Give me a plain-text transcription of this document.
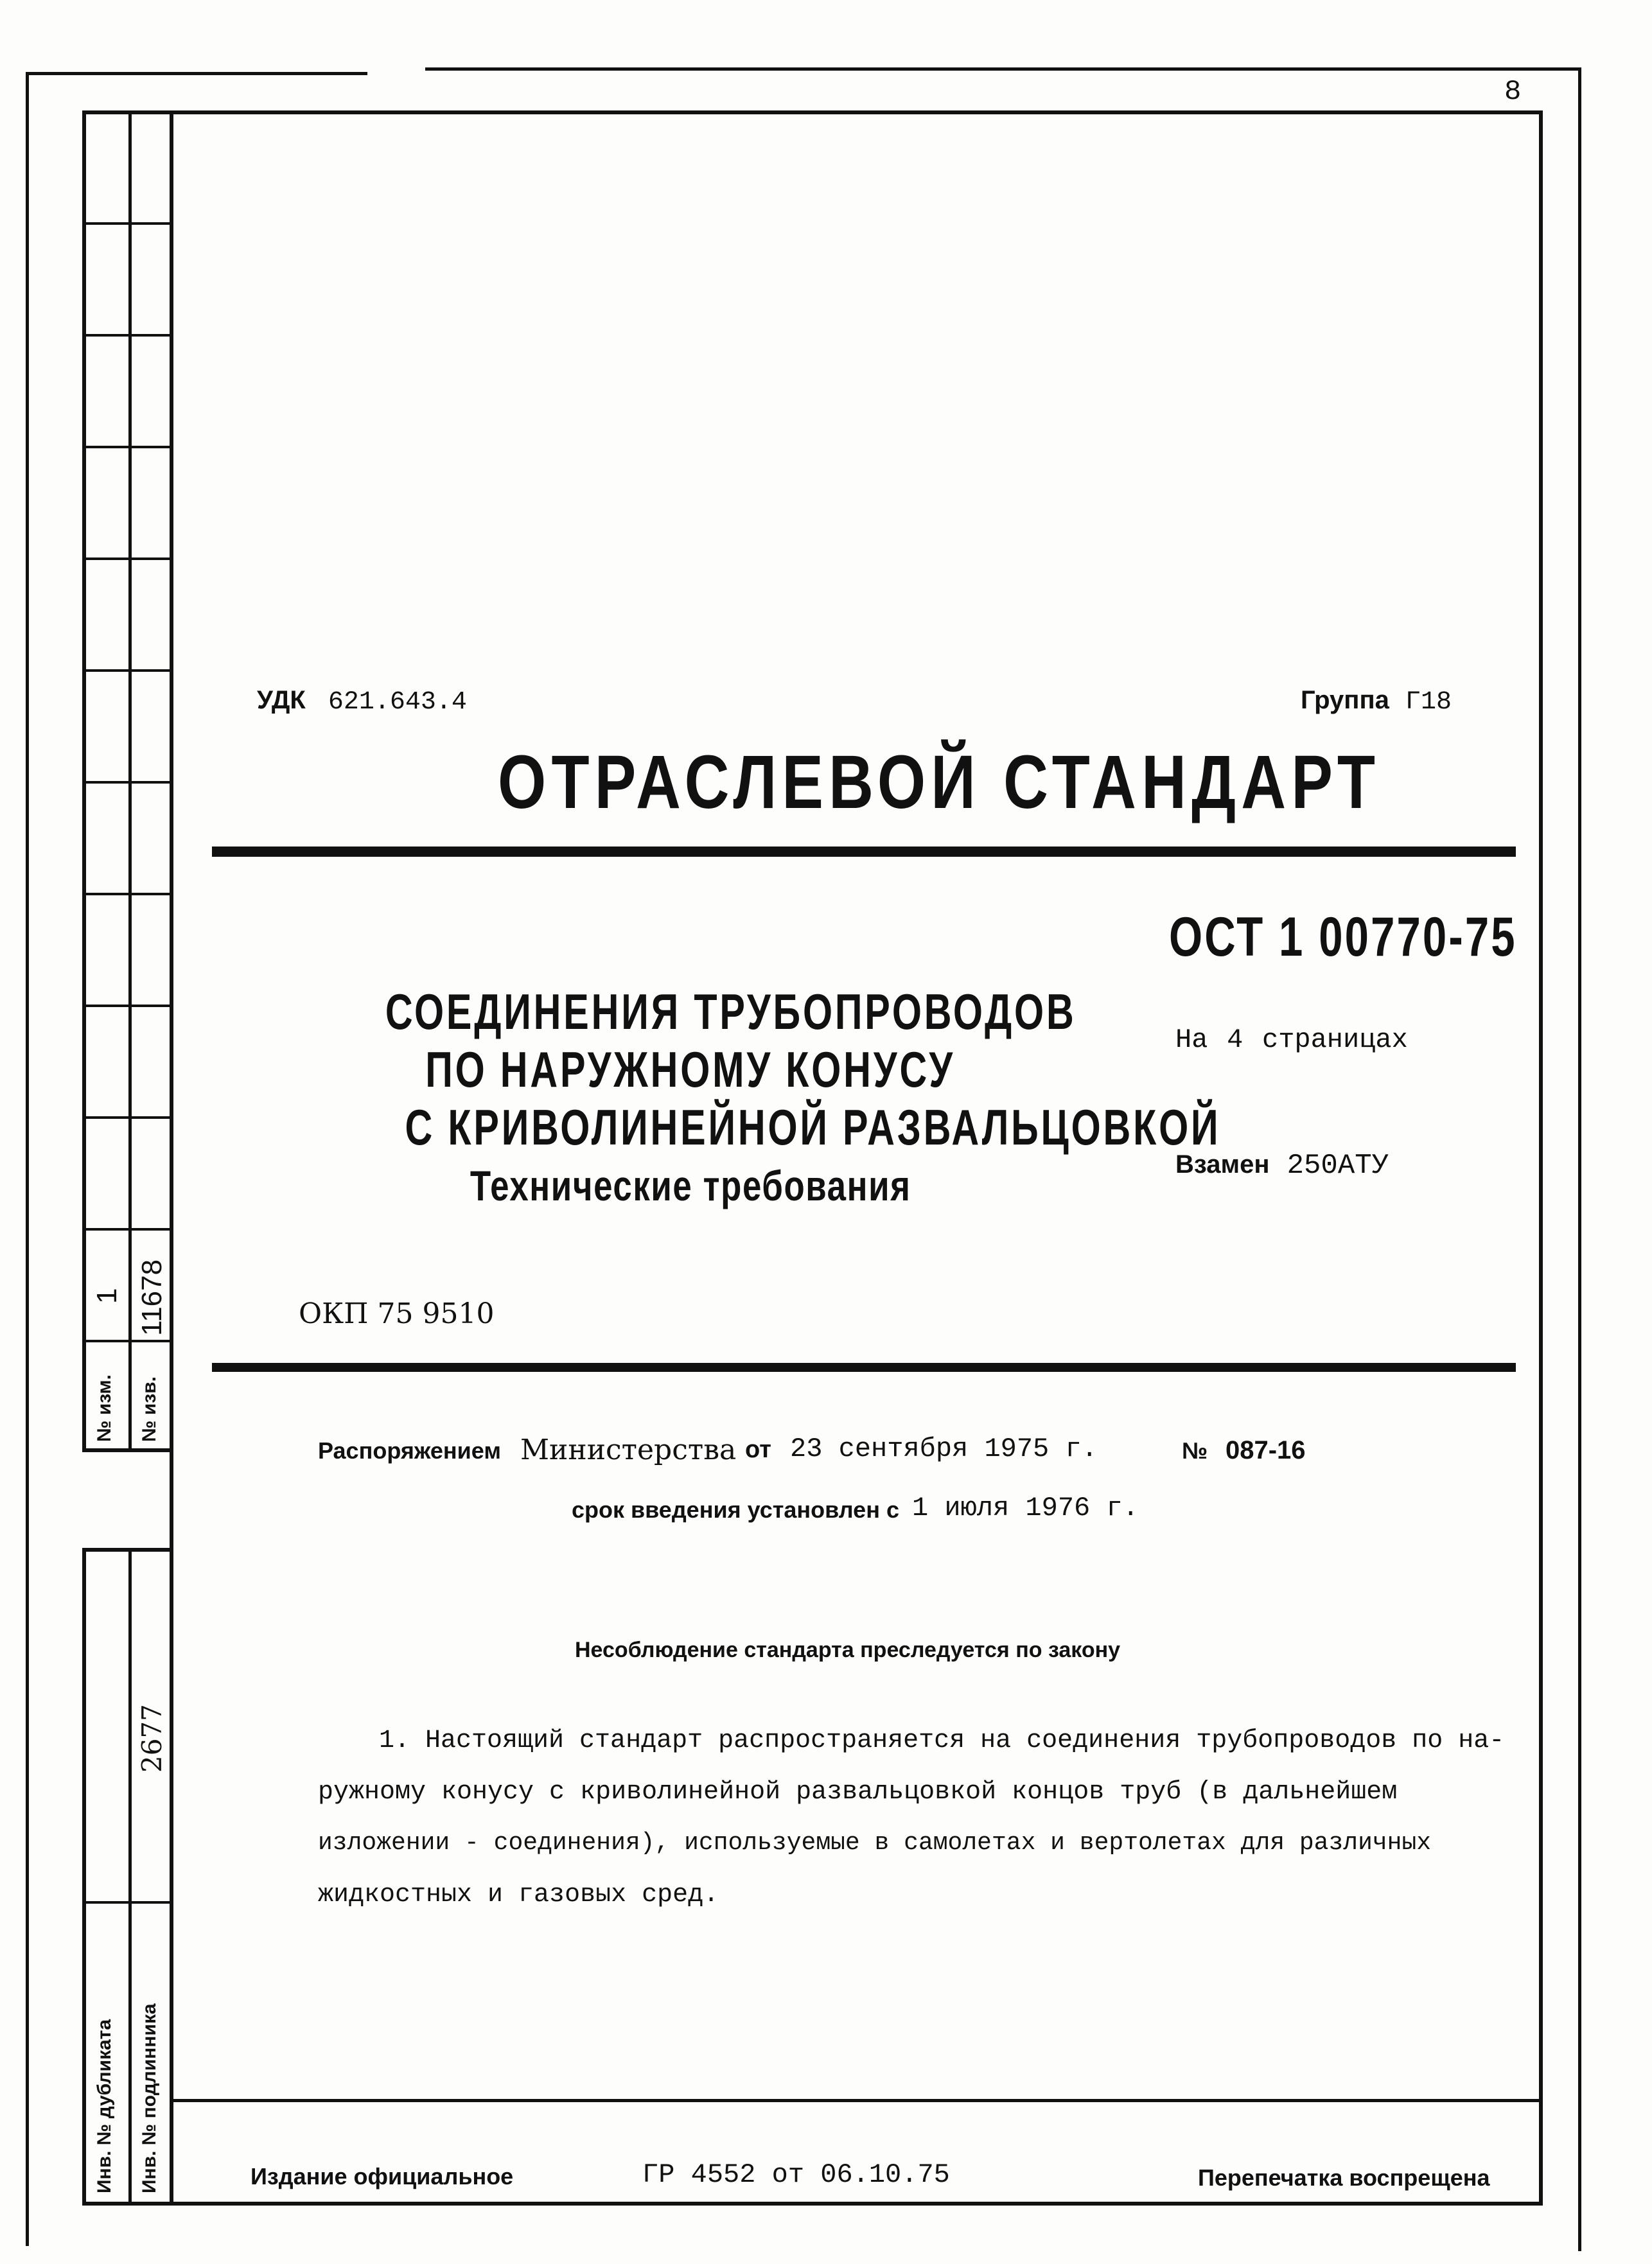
8
1 11678
№ изм. № изв.
2677
Инв. № дубликата Инв. № подлинника
УДК 621.643.4	Группа Г18
ОТРАСЛЕВОЙ СТАНДАРТ
ОСТ 1 00770-75
На 4 страницах
Взамен 250АТУ
СОЕДИНЕНИЯ ТРУБОПРОВОДОВ
ПО НАРУЖНОМУ КОНУСУ
С КРИВОЛИНЕЙНОЙ РАЗВАЛЬЦОВКОЙ
Технические требования
ОКП 75 9510
Распоряжением Министерства от 23 сентября 1975 г.	№ 087-16
срок введения установлен с 1 июля 1976 г.
Несоблюдение стандарта преследуется по закону
1. Настоящий стандарт распространяется на соединения трубопроводов по на-
ружному конусу с криволинейной развальцовкой концов труб (в дальнейшем
изложении - соединения), используемые в самолетах и вертолетах для различных
жидкостных и газовых сред.
Издание официальное	ГР 4552 от 06.10.75	Перепечатка воспрещена
